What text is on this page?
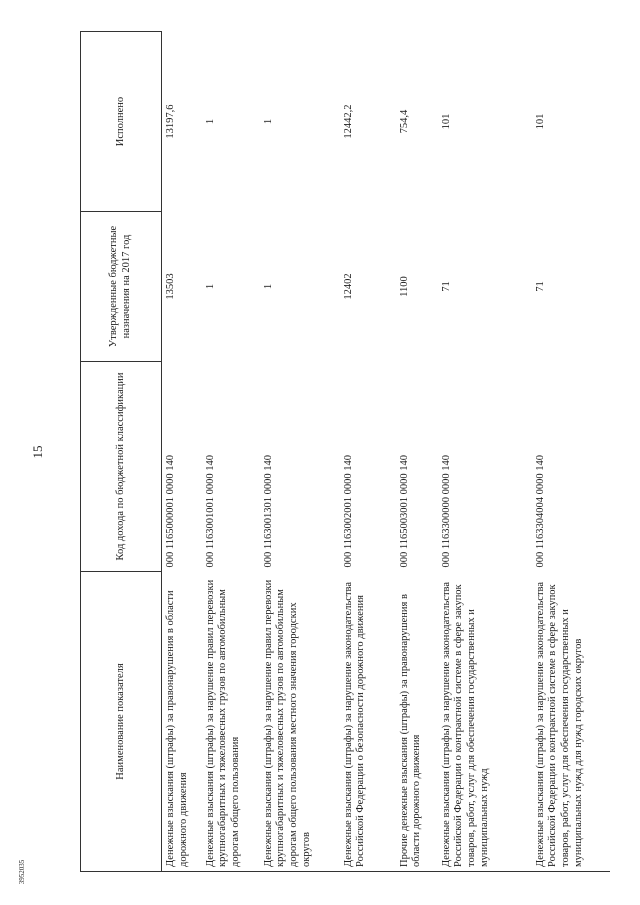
15
3952035
Наименование показателя	Код дохода по бюджетной классификации	Утвержденные бюджетные назначения на 2017 год	Исполнено
Денежные взыскания (штрафы) за правонарушения в области дорожного движения	000 1165000001 0000 140	13503	13197,6
Денежные взыскания (штрафы) за нарушение правил перевозки крупногабаритных и тяжеловесных грузов по автомобильным дорогам общего пользования	000 1163001001 0000 140	1	1
Денежные взыскания (штрафы) за нарушение правил перевозки крупногабаритных и тяжеловесных грузов по автомобильным дорогам общего пользования местного значения городских округов	000 1163001301 0000 140	1	1
Денежные взыскания (штрафы) за нарушение законодательства Российской Федерации о безопасности дорожного движения	000 1163002001 0000 140	12402	12442,2
Прочие денежные взыскания (штрафы) за правонарушения в области дорожного движения	000 1165003001 0000 140	1100	754,4
Денежные взыскания (штрафы) за нарушение законодательства Российской Федерации о контрактной системе в сфере закупок товаров, работ, услуг для обеспечения государственных и муниципальных нужд	000 1163300000 0000 140	71	101
Денежные взыскания (штрафы) за нарушение законодательства Российской Федерации о контрактной системе в сфере закупок товаров, работ, услуг для обеспечения государственных и муниципальных нужд для нужд городских округов	000 1163304004 0000 140	71	101
